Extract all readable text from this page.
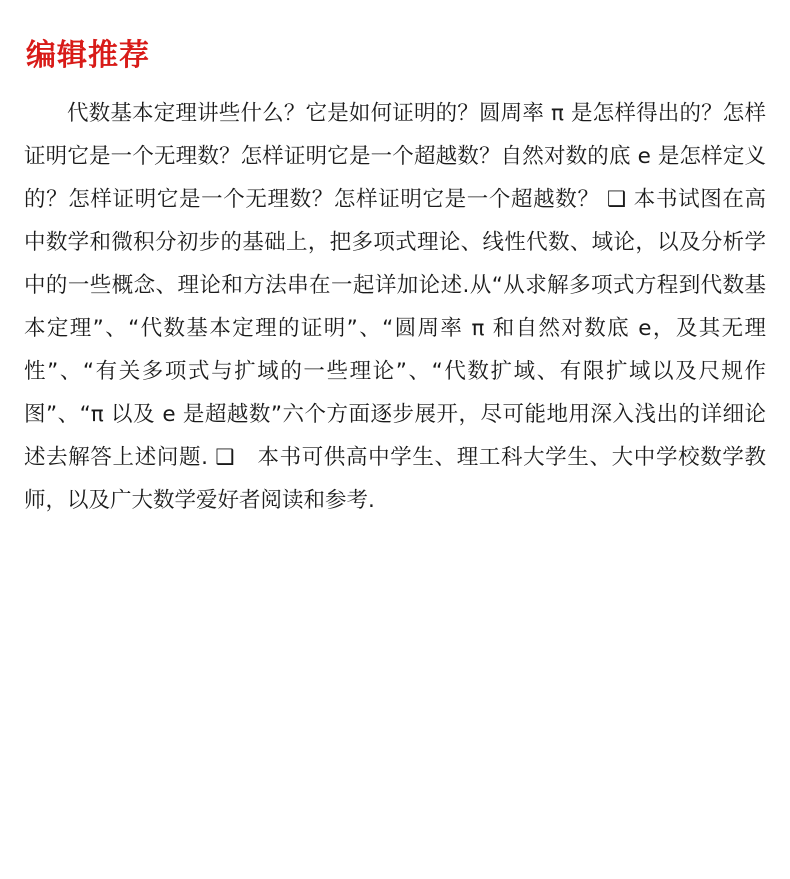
编辑推荐

代数基本定理讲些什么？它是如何证明的？圆周率 π 是怎样得出的？怎样证明它是一个无理数？怎样证明它是一个超越数？自然对数的底 e 是怎样定义的？怎样证明它是一个无理数？怎样证明它是一个超越数？ ❑ 本书试图在高中数学和微积分初步的基础上，把多项式理论、线性代数、域论，以及分析学中的一些概念、理论和方法串在一起详加论述.从“从求解多项式方程到代数基本定理”、“代数基本定理的证明”、“圆周率 π 和自然对数底 e，及其无理性”、“有关多项式与扩域的一些理论”、“代数扩域、有限扩域以及尺规作图”、“π 以及 e 是超越数”六个方面逐步展开，尽可能地用深入浅出的详细论述去解答上述问题. ❑　本书可供高中学生、理工科大学生、大中学校数学教师，以及广大数学爱好者阅读和参考.
